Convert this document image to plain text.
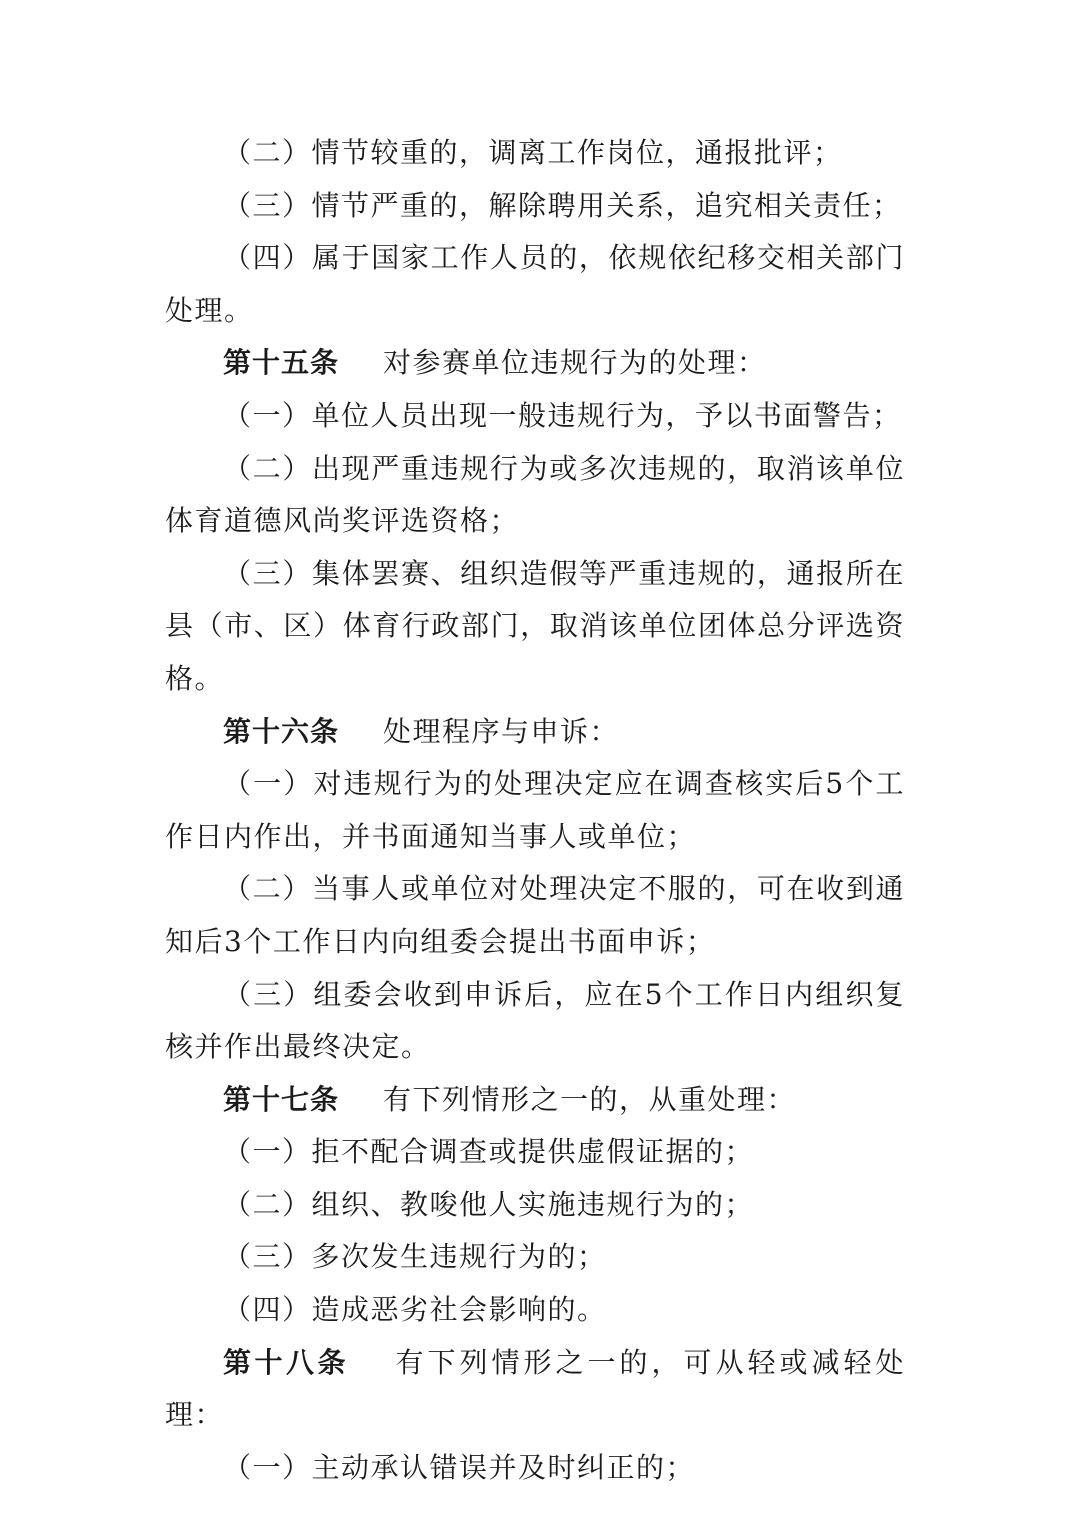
（二）情节较重的，调离工作岗位，通报批评；

（三）情节严重的，解除聘用关系，追究相关责任；

（四）属于国家工作人员的，依规依纪移交相关部门处理。

第十五条 对参赛单位违规行为的处理：

（一）单位人员出现一般违规行为，予以书面警告；

（二）出现严重违规行为或多次违规的，取消该单位体育道德风尚奖评选资格；

（三）集体罢赛、组织造假等严重违规的，通报所在县（市、区）体育行政部门，取消该单位团体总分评选资格。

第十六条 处理程序与申诉：

（一）对违规行为的处理决定应在调查核实后5个工作日内作出，并书面通知当事人或单位；

（二）当事人或单位对处理决定不服的，可在收到通知后3个工作日内向组委会提出书面申诉；

（三）组委会收到申诉后，应在5个工作日内组织复核并作出最终决定。

第十七条 有下列情形之一的，从重处理：

（一）拒不配合调查或提供虚假证据的；

（二）组织、教唆他人实施违规行为的；

（三）多次发生违规行为的；

（四）造成恶劣社会影响的。

第十八条 有下列情形之一的，可从轻或减轻处理：

（一）主动承认错误并及时纠正的；
